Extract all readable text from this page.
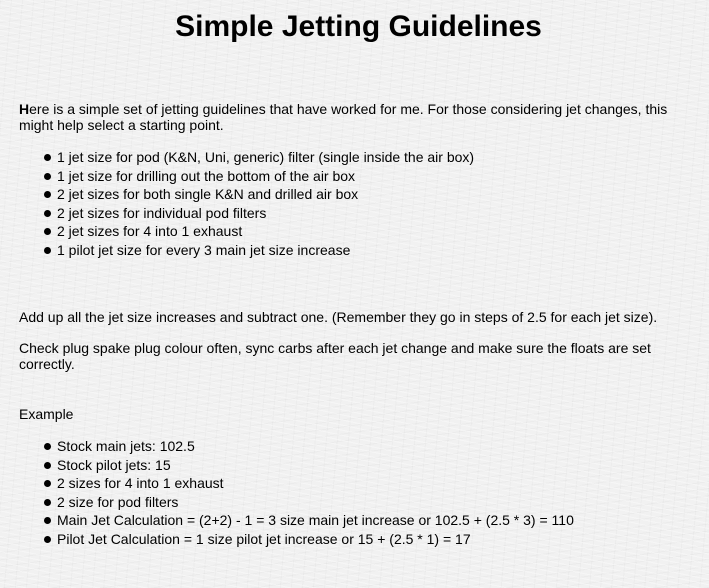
Simple Jetting Guidelines

Here is a simple set of jetting guidelines that have worked for me. For those considering jet changes, this might help select a starting point.

1 jet size for pod (K&N, Uni, generic) filter (single inside the air box)
1 jet size for drilling out the bottom of the air box
2 jet sizes for both single K&N and drilled air box
2 jet sizes for individual pod filters
2 jet sizes for 4 into 1 exhaust
1 pilot jet size for every 3 main jet size increase

Add up all the jet size increases and subtract one. (Remember they go in steps of 2.5 for each jet size).

Check plug spake plug colour often, sync carbs after each jet change and make sure the floats are set correctly.

Example

Stock main jets: 102.5
Stock pilot jets: 15
2 sizes for 4 into 1 exhaust
2 size for pod filters
Main Jet Calculation = (2+2) - 1 = 3 size main jet increase or 102.5 + (2.5 * 3) = 110
Pilot Jet Calculation = 1 size pilot jet increase or 15 + (2.5 * 1) = 17
